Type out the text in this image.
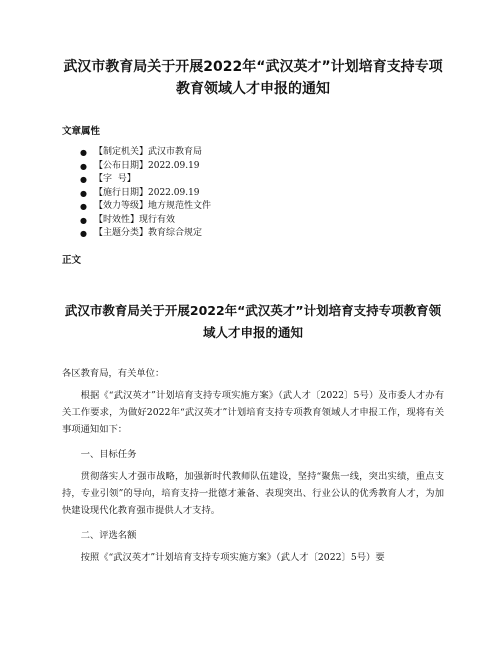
武汉市教育局关于开展2022年“武汉英才”计划培育支持专项教育领域人才申报的通知
文章属性
● 【制定机关】武汉市教育局
● 【公布日期】2022.09.19
● 【字  号】
● 【施行日期】2022.09.19
● 【效力等级】地方规范性文件
● 【时效性】现行有效
● 【主题分类】教育综合规定
正文
武汉市教育局关于开展2022年“武汉英才”计划培育支持专项教育领域人才申报的通知
各区教育局，有关单位：

根据《“武汉英才”计划培育支持专项实施方案》（武人才〔2022〕5号）及市委人才办有关工作要求，为做好2022年“武汉英才”计划培育支持专项教育领域人才申报工作，现将有关事项通知如下：

一、目标任务

贯彻落实人才强市战略，加强新时代教师队伍建设，坚持“聚焦一线，突出实绩，重点支持，专业引领”的导向，培育支持一批德才兼备、表现突出、行业公认的优秀教育人才，为加快建设现代化教育强市提供人才支持。

二、评选名额

按照《“武汉英才”计划培育支持专项实施方案》（武人才〔2022〕5号）要
